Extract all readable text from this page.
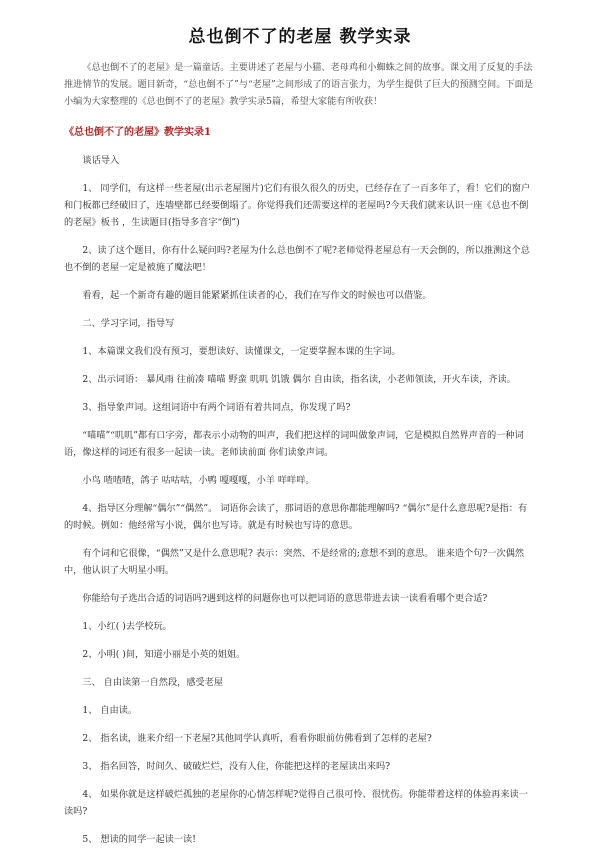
总也倒不了的老屋 教学实录

《总也倒不了的老屋》是一篇童话。主要讲述了老屋与小猫、老母鸡和小蜘蛛之间的故事。课文用了反复的手法推进情节的发展。题目新奇，“总也倒不了”与“老屋”之间形成了的语言张力，为学生提供了巨大的预测空间。下面是小编为大家整理的《总也倒不了的老屋》教学实录5篇，希望大家能有所收获！

《总也倒不了的老屋》教学实录1

谈话导入

1、 同学们，有这样一些老屋(出示老屋图片)它们有很久很久的历史，已经存在了一百多年了，看！它们的窗户和门板都已经破旧了，连墙壁都已经要倒塌了。你觉得我们还需要这样的老屋吗?今天我们就来认识一座《总也不倒的老屋》板书 ，生读题目(指导多音字“倒”)

2、读了这个题目，你有什么疑问吗?老屋为什么总也倒不了呢?老师觉得老屋总有一天会倒的，所以推测这个总也不倒的老屋一定是被施了魔法吧！

看看，起一个新奇有趣的题目能紧紧抓住读者的心，我们在写作文的时候也可以借鉴。

二、学习字词，指导写

1、本篇课文我们没有预习，要想读好、读懂课文，一定要掌握本课的生字词。

2、出示词语： 暴风雨 往前凑 喵喵 野蛮 叽叽 饥饿 偶尔 自由读，指名读，小老师领读，开火车读，齐读。

3、指导象声词。这组词语中有两个词语有着共同点，你发现了吗?

“喵喵”“叽叽”都有口字旁，都表示小动物的叫声，我们把这样的词叫做象声词，它是模拟自然界声音的一种词语，像这样的词还有很多一起读一读。老师读前面 你们读象声词。

小鸟 喳喳喳，鸽子 咕咕咕，小鸭 嘎嘎嘎，小羊 咩咩咩。

4、指导区分理解“偶尔”“偶然”。 词语你会读了，那词语的意思你都能理解吗? “偶尔”是什么意思呢?是指：有的时候。例如：他经常写小说，偶尔也写诗。就是有时候也写诗的意思。

有个词和它很像，“偶然”又是什么意思呢? 表示：突然、不是经常的;意想不到的意思。 谁来造个句?一次偶然中，他认识了大明星小明。

你能给句子选出合适的词语吗?遇到这样的问题你也可以把词语的意思带进去读一读看看哪个更合适?

1、小红( )去学校玩。

2、小明( )间，知道小丽是小英的姐姐。

三、 自由读第一自然段，感受老屋

1、 自由读。

2、 指名读，谁来介绍一下老屋?其他同学认真听，看看你眼前仿佛看到了怎样的老屋?

3、 指名回答，时间久、破破烂烂，没有人住，你能把这样的老屋读出来吗?

4、 如果你就是这样破烂孤独的老屋你的心情怎样呢?觉得自己很可怜、很忧伤。你能带着这样的体验再来读一读吗?

5、 想读的同学一起读一读!
